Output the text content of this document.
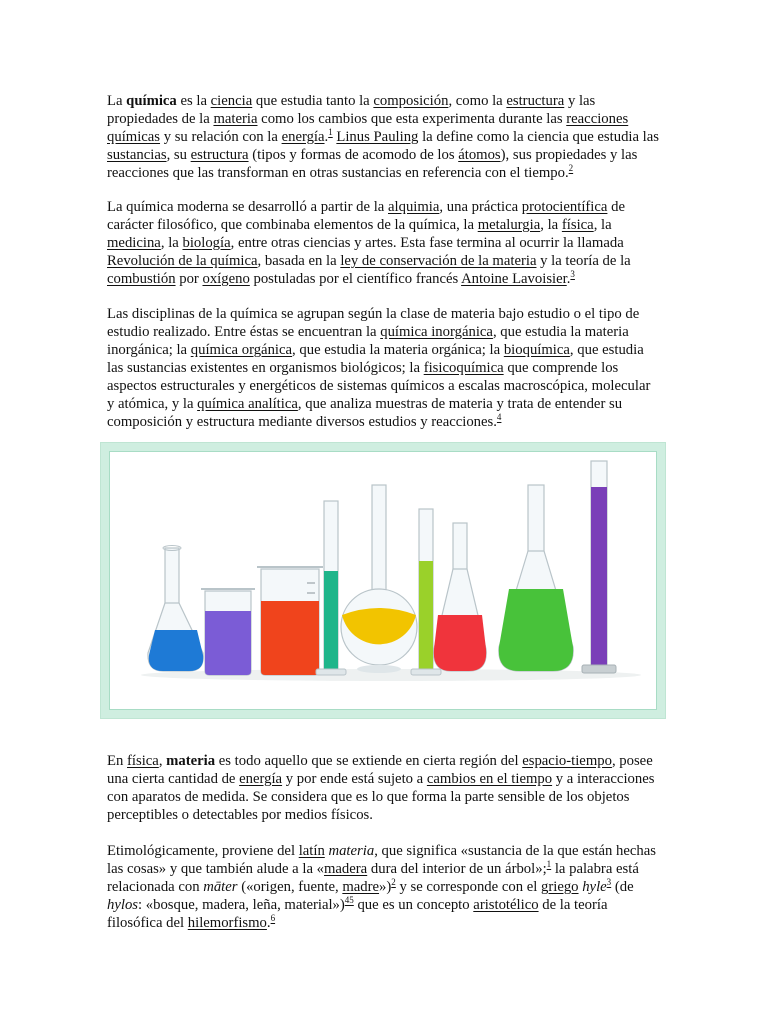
La química es la ciencia que estudia tanto la composición, como la estructura y las propiedades de la materia como los cambios que esta experimenta durante las reacciones químicas y su relación con la energía.$^1$ Linus Pauling la define como la ciencia que estudia las sustancias, su estructura (tipos y formas de acomodo de los átomos), sus propiedades y las reacciones que las transforman en otras sustancias en referencia con el tiempo.$^2$

La química moderna se desarrolló a partir de la alquimia, una práctica protocientífica de carácter filosófico, que combinaba elementos de la química, la metalurgia, la física, la medicina, la biología, entre otras ciencias y artes. Esta fase termina al ocurrir la llamada Revolución de la química, basada en la ley de conservación de la materia y la teoría de la combustión por oxígeno postuladas por el científico francés Antoine Lavoisier.$^3$

Las disciplinas de la química se agrupan según la clase de materia bajo estudio o el tipo de estudio realizado. Entre éstas se encuentran la química inorgánica, que estudia la materia inorgánica; la química orgánica, que estudia la materia orgánica; la bioquímica, que estudia las sustancias existentes en organismos biológicos; la fisicoquímica que comprende los aspectos estructurales y energéticos de sistemas químicos a escalas macroscópica, molecular y atómica, y la química analítica, que analiza muestras de materia y trata de entender su composición y estructura mediante diversos estudios y reacciones.$^4$

En física, materia es todo aquello que se extiende en cierta región del espacio-tiempo, posee una cierta cantidad de energía y por ende está sujeto a cambios en el tiempo y a interacciones con aparatos de medida. Se considera que es lo que forma la parte sensible de los objetos perceptibles o detectables por medios físicos.

Etimológicamente, proviene del latín materia, que significa «sustancia de la que están hechas las cosas» y que también alude a la «madera dura del interior de un árbol»;$^1$ la palabra está relacionada con māter («origen, fuente, madre»)$^2$ y se corresponde con el griego hyle$^3$ (de hylos: «bosque, madera, leña, material»)$^{45}$ que es un concepto aristotélico de la teoría filosófica del hilemorfismo.$^6$
